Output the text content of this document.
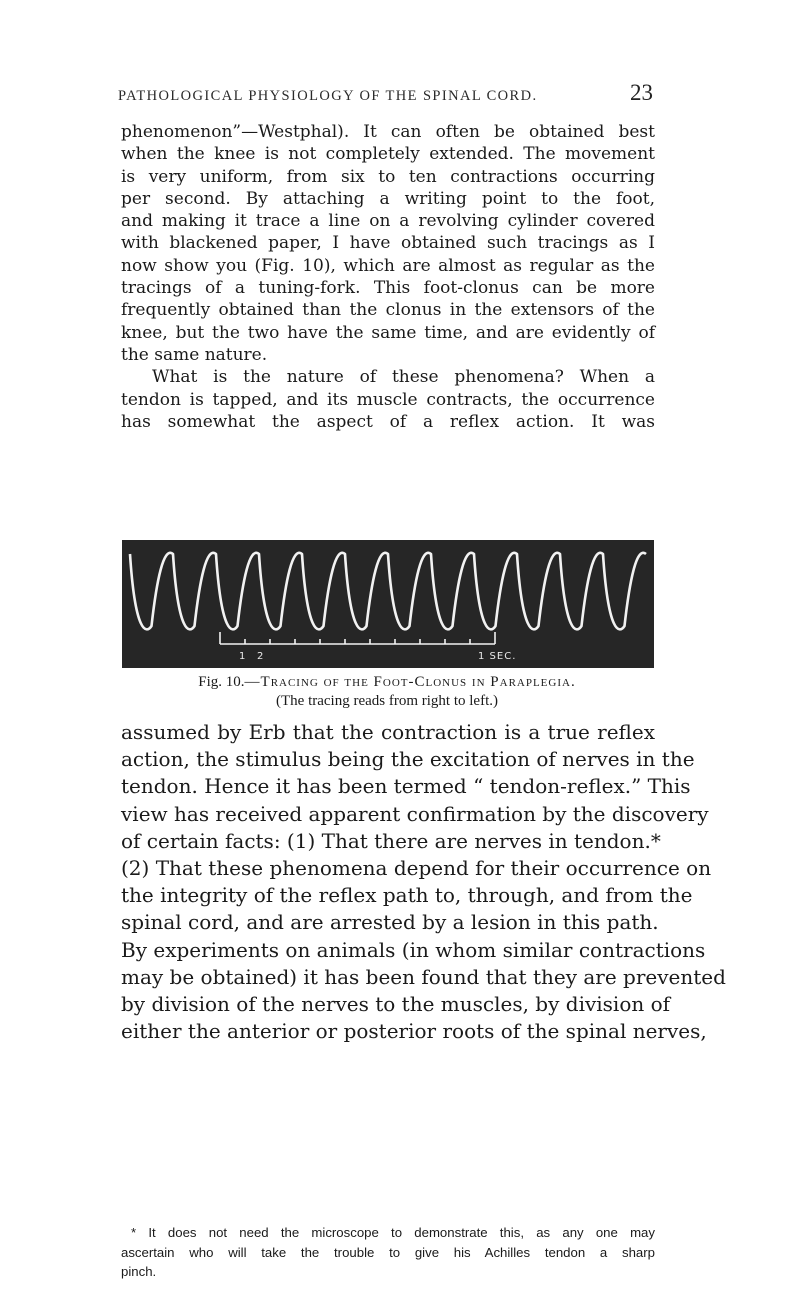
PATHOLOGICAL PHYSIOLOGY OF THE SPINAL CORD.	23
phenomenon”—Westphal). It can often be obtained best
when the knee is not completely extended. The movement
is very uniform, from six to ten contractions occurring
per second. By attaching a writing point to the foot,
and making it trace a line on a revolving cylinder covered
with blackened paper, I have obtained such tracings as I
now show you (Fig. 10), which are almost as regular as the
tracings of a tuning-fork. This foot-clonus can be more
frequently obtained than the clonus in the extensors of the
knee, but the two have the same time, and are evidently of
the same nature.
What is the nature of these phenomena? When a
tendon is tapped, and its muscle contracts, the occurrence
has somewhat the aspect of a reflex action. It was
1 2	1 SEC.
Fig. 10.—Tracing of the Foot-Clonus in Paraplegia.
(The tracing reads from right to left.)
assumed by Erb that the contraction is a true reflex
action, the stimulus being the excitation of nerves in the
tendon. Hence it has been termed “ tendon-reflex.” This
view has received apparent confirmation by the discovery
of certain facts: (1) That there are nerves in tendon.*
(2) That these phenomena depend for their occurrence on
the integrity of the reflex path to, through, and from the
spinal cord, and are arrested by a lesion in this path.
By experiments on animals (in whom similar contractions
may be obtained) it has been found that they are prevented
by division of the nerves to the muscles, by division of
either the anterior or posterior roots of the spinal nerves,
* It does not need the microscope to demonstrate this, as any one may
ascertain who will take the trouble to give his Achilles tendon a sharp
pinch.
